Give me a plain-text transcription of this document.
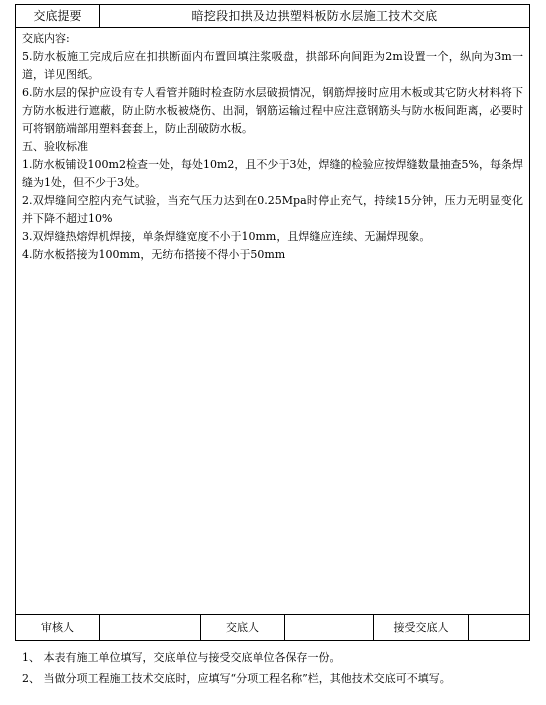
交底提要	暗挖段扣拱及边拱塑料板防水层施工技术交底

交底内容:

5.防水板施工完成后应在扣拱断面内布置回填注浆吸盘，拱部环向间距为2m设置一个，纵向为3m一道，详见图纸。

6.防水层的保护应设有专人看管并随时检查防水层破损情况，钢筋焊接时应用木板或其它防火材料将下方防水板进行遮蔽，防止防水板被烧伤、出洞，钢筋运输过程中应注意钢筋头与防水板间距离，必要时可将钢筋端部用塑料套套上，防止刮破防水板。

五、验收标准

1.防水板铺设100m2检查一处，每处10m2，且不少于3处，焊缝的检验应按焊缝数量抽查5%，每条焊缝为1处，但不少于3处。

2.双焊缝间空腔内充气试验，当充气压力达到在0.25Mpa时停止充气，持续15分钟，压力无明显变化并下降不超过10%

3.双焊缝热熔焊机焊接，单条焊缝宽度不小于10mm，且焊缝应连续、无漏焊现象。

4.防水板搭接为100mm，无纺布搭接不得小于50mm

审核人	交底人	接受交底人

1、 本表有施工单位填写，交底单位与接受交底单位各保存一份。

2、 当做分项工程施工技术交底时，应填写“分项工程名称”栏，其他技术交底可不填写。
